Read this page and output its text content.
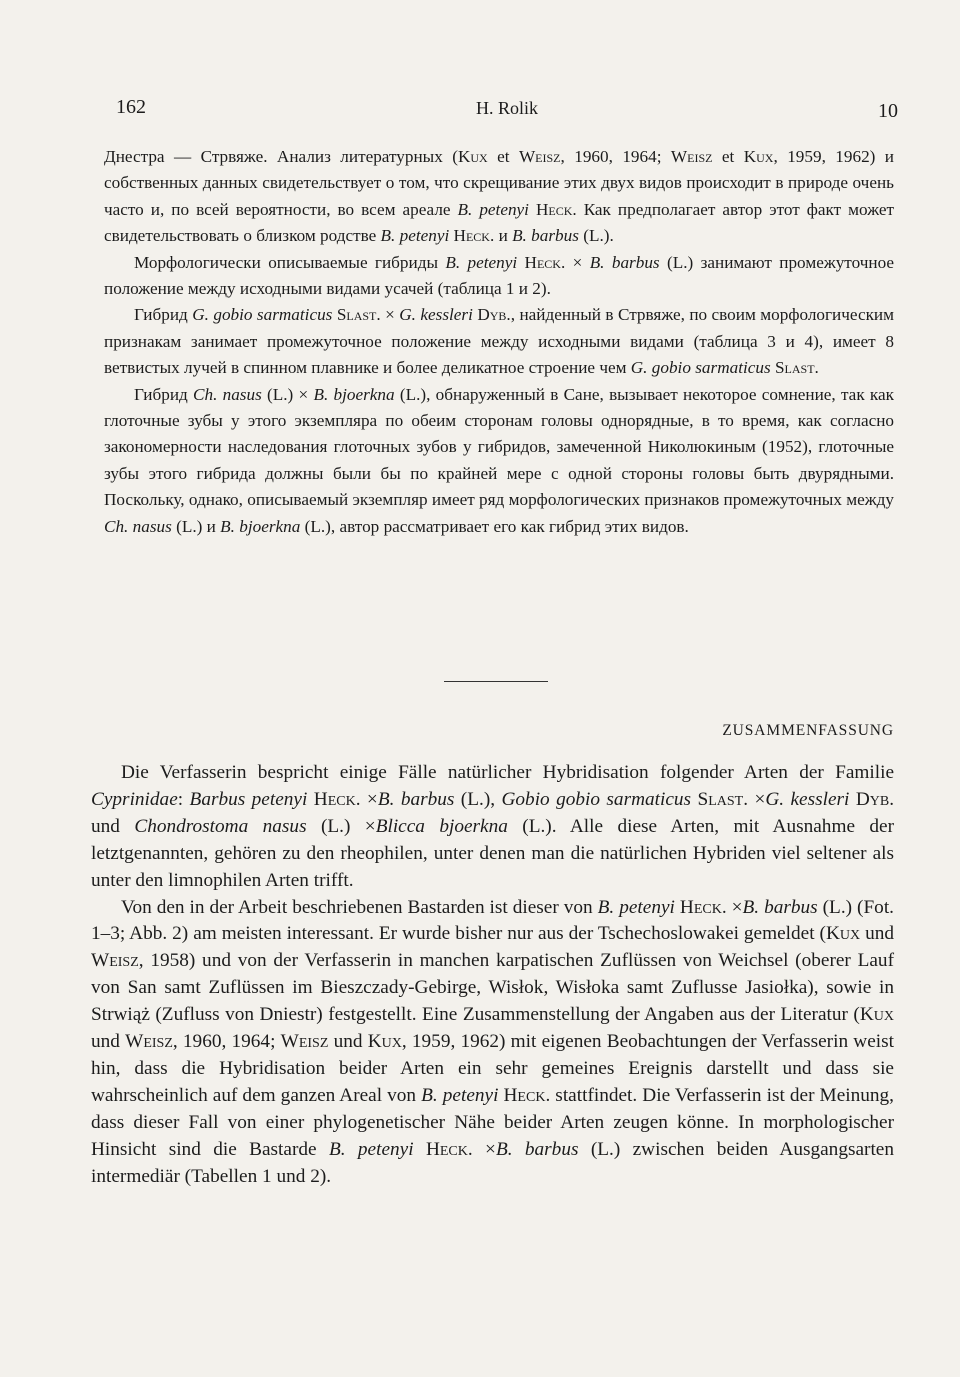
162	H. Rolik	10

Днестра — Стрвяже. Анализ литературных (Kux et Weisz, 1960, 1964; Weisz et Kux, 1959, 1962) и собственных данных свидетельствует о том, что скрещивание этих двух видов происходит в природе очень часто и, по всей вероятности, во всем ареале B. petenyi Heck. Как предполагает автор этот факт может свидетельствовать о близком родстве B. petenyi Heck. и B. barbus (L.).

Морфологически описываемые гибриды B. petenyi Heck. × B. barbus (L.) занимают промежуточное положение между исходными видами усачей (таблица 1 и 2).

Гибрид G. gobio sarmaticus Slast. × G. kessleri Dyb., найденный в Стрвяже, по своим морфологическим признакам занимает промежуточное положение между исходными видами (таблица 3 и 4), имеет 8 ветвистых лучей в спинном плавнике и более деликатное строение чем G. gobio sarmaticus Slast.

Гибрид Ch. nasus (L.) × B. bjoerkna (L.), обнаруженный в Сане, вызывает некоторое сомнение, так как глоточные зубы у этого экземпляра по обеим сторонам головы однорядные, в то время, как согласно закономерности наследования глоточных зубов у гибридов, замеченной Николюкиным (1952), глоточные зубы этого гибрида должны были бы по крайней мере с одной стороны головы быть двурядными. Поскольку, однако, описываемый экземпляр имеет ряд морфологических признаков промежуточных между Ch. nasus (L.) и B. bjoerkna (L.), автор рассматривает его как гибрид этих видов.

ZUSAMMENFASSUNG

Die Verfasserin bespricht einige Fälle natürlicher Hybridisation folgender Arten der Familie Cyprinidae: Barbus petenyi Heck. ×B. barbus (L.), Gobio gobio sarmaticus Slast. ×G. kessleri Dyb. und Chondrostoma nasus (L.) ×Blicca bjoerkna (L.). Alle diese Arten, mit Ausnahme der letztgenannten, gehören zu den rheophilen, unter denen man die natürlichen Hybriden viel seltener als unter den limnophilen Arten trifft.

Von den in der Arbeit beschriebenen Bastarden ist dieser von B. petenyi Heck. ×B. barbus (L.) (Fot. 1–3; Abb. 2) am meisten interessant. Er wurde bisher nur aus der Tschechoslowakei gemeldet (Kux und Weisz, 1958) und von der Verfasserin in manchen karpatischen Zuflüssen von Weichsel (oberer Lauf von San samt Zuflüssen im Bieszczady-Gebirge, Wisłok, Wisłoka samt Zuflusse Jasiołka), sowie in Strwiąż (Zufluss von Dniestr) festgestellt. Eine Zusammenstellung der Angaben aus der Literatur (Kux und Weisz, 1960, 1964; Weisz und Kux, 1959, 1962) mit eigenen Beobachtungen der Verfasserin weist hin, dass die Hybridisation beider Arten ein sehr gemeines Ereignis darstellt und dass sie wahrscheinlich auf dem ganzen Areal von B. petenyi Heck. stattfindet. Die Verfasserin ist der Meinung, dass dieser Fall von einer phylogenetischer Nähe beider Arten zeugen könne. In morphologischer Hinsicht sind die Bastarde B. petenyi Heck. ×B. barbus (L.) zwischen beiden Ausgangsarten intermediär (Tabellen 1 und 2).
